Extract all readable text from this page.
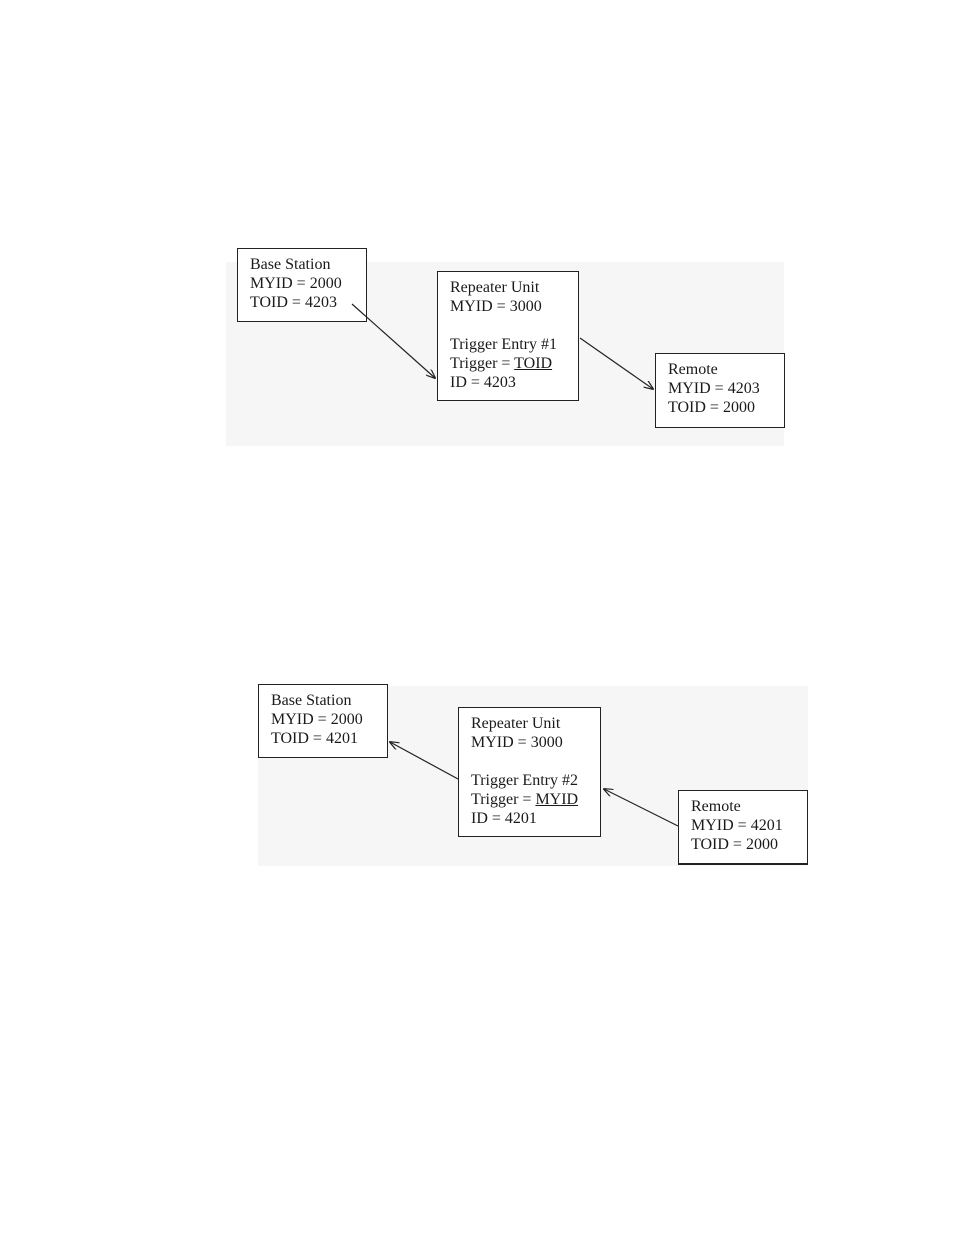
Base Station
MYID = 2000
TOID = 4203
Repeater Unit
MYID = 3000
Trigger Entry #1
Trigger = TOID
ID = 4203
Remote
MYID = 4203
TOID = 2000
Base Station
MYID = 2000
TOID = 4201
Repeater Unit
MYID = 3000
Trigger Entry #2
Trigger = MYID
ID = 4201
Remote
MYID = 4201
TOID = 2000
